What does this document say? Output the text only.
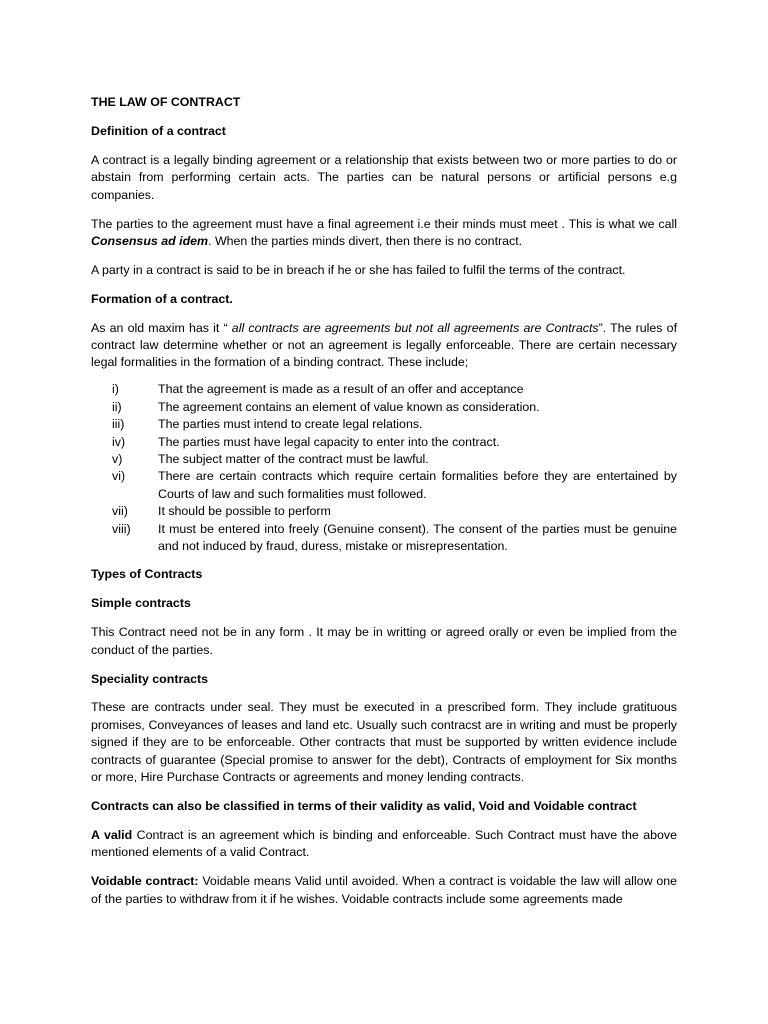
THE LAW OF CONTRACT

Definition of a contract

A contract is a legally binding agreement or a relationship that exists between two or more parties to do or abstain from performing certain acts. The parties can be natural persons or artificial persons e.g companies.

The parties to the agreement must have a final agreement i.e their minds must meet . This is what we call Consensus ad idem. When the parties minds divert, then there is no contract.

A party in a contract is said to be in breach if he or she has failed to fulfil the terms of the contract.

Formation of a contract.

As an old maxim has it “ all contracts are agreements but not all agreements are Contracts”. The rules of contract law determine whether or not an agreement is legally enforceable. There are certain necessary legal formalities in the formation of a binding contract. These include;

i)	That the agreement is made as a result of an offer and acceptance
ii)	The agreement contains an element of value known as consideration.
iii)	The parties must intend to create legal relations.
iv)	The parties must have legal capacity to enter into the contract.
v)	The subject matter of the contract must be lawful.
vi)	There are certain contracts which require certain formalities before they are entertained by Courts of law and such formalities must followed.
vii)	It should be possible to perform
viii) It must be entered into freely (Genuine consent). The consent of the parties must be genuine and not induced by fraud, duress, mistake or misrepresentation.

Types of Contracts

Simple contracts

This Contract need not be in any form . It may be in writting or agreed orally or even be implied from the conduct of the parties.

Speciality contracts

These are contracts under seal. They must be executed in a prescribed form. They include gratituous promises, Conveyances of leases and land etc. Usually such contracst are in writing and must be properly signed if they are to be enforceable. Other contracts that must be supported by written evidence include contracts of guarantee (Special promise to answer for the debt), Contracts of employment for Six months or more, Hire Purchase Contracts or agreements and money lending contracts.

Contracts can also be classified in terms of their validity as valid, Void and Voidable contract

A valid Contract is an agreement which is binding and enforceable. Such Contract must have the above mentioned elements of a valid Contract.

Voidable contract: Voidable means Valid until avoided. When a contract is voidable the law will allow one of the parties to withdraw from it if he wishes. Voidable contracts include some agreements made
